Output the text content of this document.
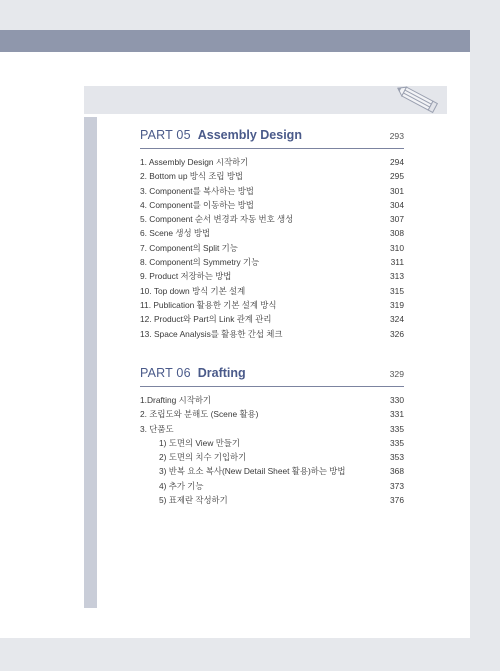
PART 05 Assembly Design	293
1. Assembly Design 시작하기	294
2. Bottom up 방식 조립 방법	295
3. Component를 복사하는 방법	301
4. Component를 이동하는 방법	304
5. Component 순서 변경과 자동 번호 생성	307
6. Scene 생성 방법	308
7. Component의 Split 기능	310
8. Component의 Symmetry 기능	311
9. Product 저장하는 방법	313
10. Top down 방식 기본 설계	315
11. Publication 활용한 기본 설계 방식	319
12. Product와 Part의 Link 관계 관리	324
13. Space Analysis를 활용한 간섭 체크	326
PART 06 Drafting	329
1.Drafting 시작하기	330
2. 조립도와 분해도 (Scene 활용)	331
3. 단품도	335
1) 도면의 View 만들기	335
2) 도면의 치수 기입하기	353
3) 반복 요소 복사(New Detail Sheet 활용)하는 방법	368
4) 추가 기능	373
5) 표제란 작성하기	376
